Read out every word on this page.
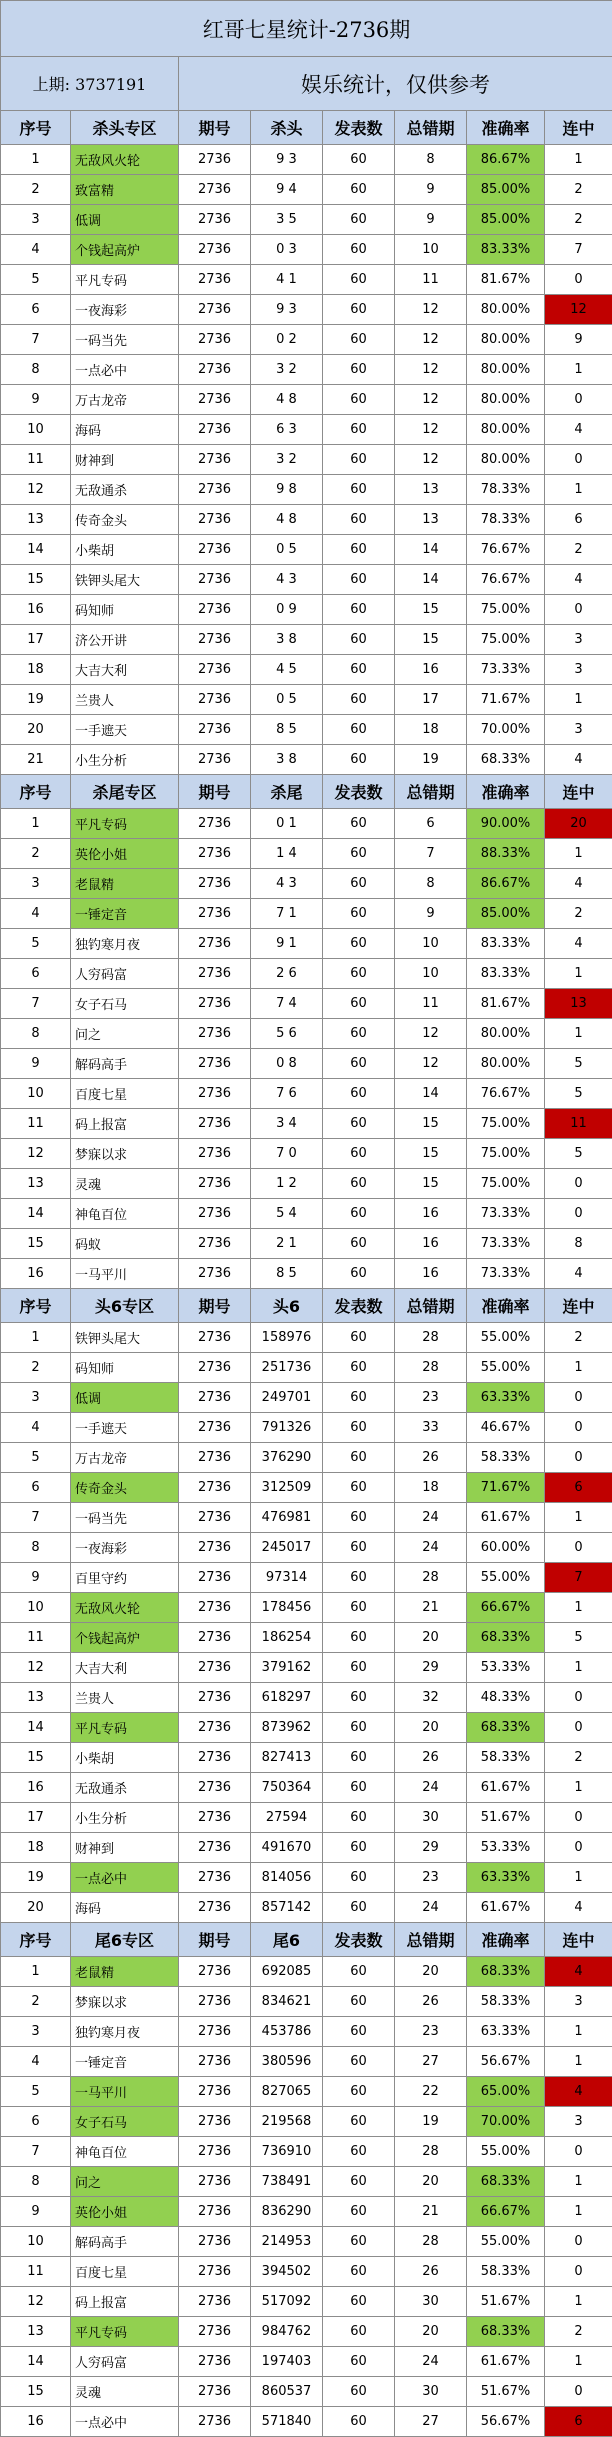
红哥七星统计-2736期							
上期: 3737191		娱乐统计，仅供参考					
序号	杀头专区	期号	杀头	发表数	总错期	准确率	连中
1	无敌风火轮	2736	9 3	60	8	86.67%	1
2	致富精	2736	9 4	60	9	85.00%	2
3	低调	2736	3 5	60	9	85.00%	2
4	个钱起高炉	2736	0 3	60	10	83.33%	7
5	平凡专码	2736	4 1	60	11	81.67%	0
6	一夜海彩	2736	9 3	60	12	80.00%	12
7	一码当先	2736	0 2	60	12	80.00%	9
8	一点必中	2736	3 2	60	12	80.00%	1
9	万古龙帝	2736	4 8	60	12	80.00%	0
10	海码	2736	6 3	60	12	80.00%	4
11	财神到	2736	3 2	60	12	80.00%	0
12	无敌通杀	2736	9 8	60	13	78.33%	1
13	传奇金头	2736	4 8	60	13	78.33%	6
14	小柴胡	2736	0 5	60	14	76.67%	2
15	铁钾头尾大	2736	4 3	60	14	76.67%	4
16	码知师	2736	0 9	60	15	75.00%	0
17	济公开讲	2736	3 8	60	15	75.00%	3
18	大吉大利	2736	4 5	60	16	73.33%	3
19	兰贵人	2736	0 5	60	17	71.67%	1
20	一手遮天	2736	8 5	60	18	70.00%	3
21	小生分析	2736	3 8	60	19	68.33%	4
序号	杀尾专区	期号	杀尾	发表数	总错期	准确率	连中
1	平凡专码	2736	0 1	60	6	90.00%	20
2	英伦小姐	2736	1 4	60	7	88.33%	1
3	老鼠精	2736	4 3	60	8	86.67%	4
4	一锤定音	2736	7 1	60	9	85.00%	2
5	独钓寒月夜	2736	9 1	60	10	83.33%	4
6	人穷码富	2736	2 6	60	10	83.33%	1
7	女子石马	2736	7 4	60	11	81.67%	13
8	问之	2736	5 6	60	12	80.00%	1
9	解码高手	2736	0 8	60	12	80.00%	5
10	百度七星	2736	7 6	60	14	76.67%	5
11	码上报富	2736	3 4	60	15	75.00%	11
12	梦寐以求	2736	7 0	60	15	75.00%	5
13	灵魂	2736	1 2	60	15	75.00%	0
14	神龟百位	2736	5 4	60	16	73.33%	0
15	码蚁	2736	2 1	60	16	73.33%	8
16	一马平川	2736	8 5	60	16	73.33%	4
序号	头6专区	期号	头6	发表数	总错期	准确率	连中
1	铁钾头尾大	2736	158976	60	28	55.00%	2
2	码知师	2736	251736	60	28	55.00%	1
3	低调	2736	249701	60	23	63.33%	0
4	一手遮天	2736	791326	60	33	46.67%	0
5	万古龙帝	2736	376290	60	26	58.33%	0
6	传奇金头	2736	312509	60	18	71.67%	6
7	一码当先	2736	476981	60	24	61.67%	1
8	一夜海彩	2736	245017	60	24	60.00%	0
9	百里守约	2736	97314	60	28	55.00%	7
10	无敌风火轮	2736	178456	60	21	66.67%	1
11	个钱起高炉	2736	186254	60	20	68.33%	5
12	大吉大利	2736	379162	60	29	53.33%	1
13	兰贵人	2736	618297	60	32	48.33%	0
14	平凡专码	2736	873962	60	20	68.33%	0
15	小柴胡	2736	827413	60	26	58.33%	2
16	无敌通杀	2736	750364	60	24	61.67%	1
17	小生分析	2736	27594	60	30	51.67%	0
18	财神到	2736	491670	60	29	53.33%	0
19	一点必中	2736	814056	60	23	63.33%	1
20	海码	2736	857142	60	24	61.67%	4
序号	尾6专区	期号	尾6	发表数	总错期	准确率	连中
1	老鼠精	2736	692085	60	20	68.33%	4
2	梦寐以求	2736	834621	60	26	58.33%	3
3	独钓寒月夜	2736	453786	60	23	63.33%	1
4	一锤定音	2736	380596	60	27	56.67%	1
5	一马平川	2736	827065	60	22	65.00%	4
6	女子石马	2736	219568	60	19	70.00%	3
7	神龟百位	2736	736910	60	28	55.00%	0
8	问之	2736	738491	60	20	68.33%	1
9	英伦小姐	2736	836290	60	21	66.67%	1
10	解码高手	2736	214953	60	28	55.00%	0
11	百度七星	2736	394502	60	26	58.33%	0
12	码上报富	2736	517092	60	30	51.67%	1
13	平凡专码	2736	984762	60	20	68.33%	2
14	人穷码富	2736	197403	60	24	61.67%	1
15	灵魂	2736	860537	60	30	51.67%	0
16	一点必中	2736	571840	60	27	56.67%	6
